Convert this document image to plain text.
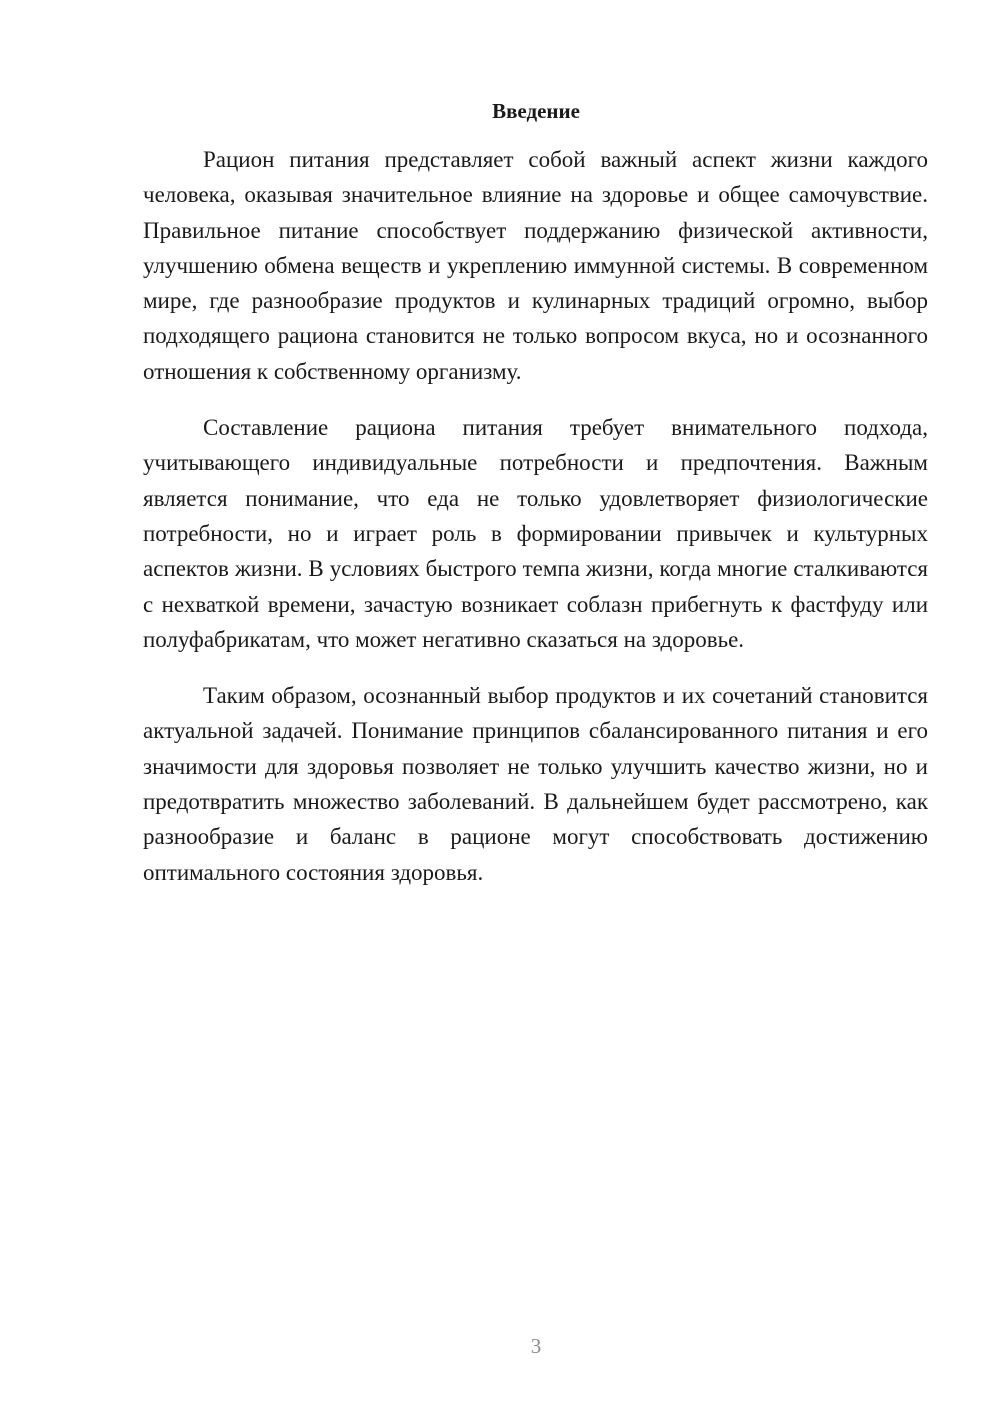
Введение

Рацион питания представляет собой важный аспект жизни каждого человека, оказывая значительное влияние на здоровье и общее самочувствие. Правильное питание способствует поддержанию физической активности, улучшению обмена веществ и укреплению иммунной системы. В современном мире, где разнообразие продуктов и кулинарных традиций огромно, выбор подходящего рациона становится не только вопросом вкуса, но и осознанного отношения к собственному организму.

Составление рациона питания требует внимательного подхода, учитывающего индивидуальные потребности и предпочтения. Важным является понимание, что еда не только удовлетворяет физиологические потребности, но и играет роль в формировании привычек и культурных аспектов жизни. В условиях быстрого темпа жизни, когда многие сталкиваются с нехваткой времени, зачастую возникает соблазн прибегнуть к фастфуду или полуфабрикатам, что может негативно сказаться на здоровье.

Таким образом, осознанный выбор продуктов и их сочетаний становится актуальной задачей. Понимание принципов сбалансированного питания и его значимости для здоровья позволяет не только улучшить качество жизни, но и предотвратить множество заболеваний. В дальнейшем будет рассмотрено, как разнообразие и баланс в рационе могут способствовать достижению оптимального состояния здоровья.

3
